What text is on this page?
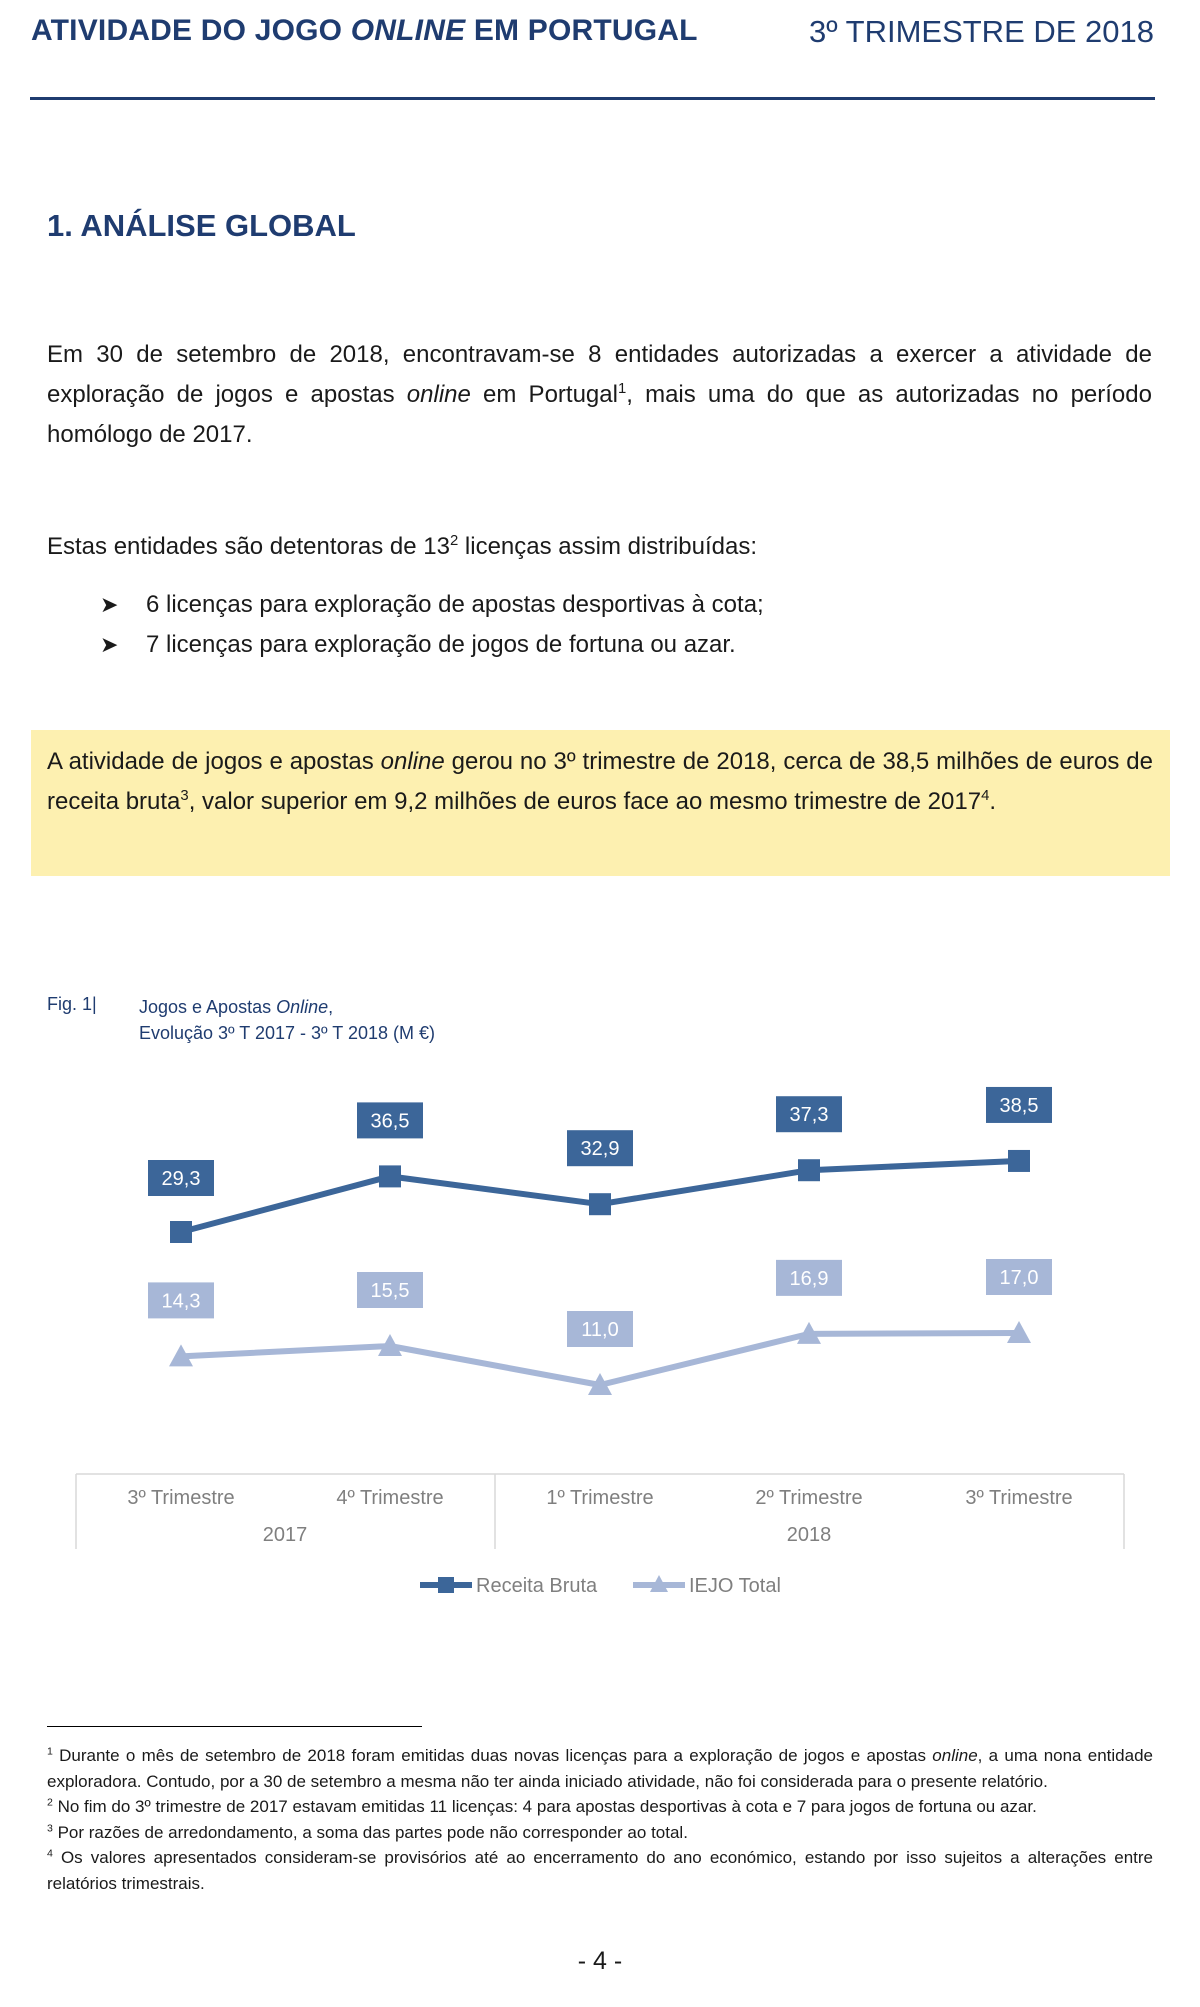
ATIVIDADE DO JOGO ONLINE EM PORTUGAL	3º TRIMESTRE DE 2018
1. ANÁLISE GLOBAL
Em 30 de setembro de 2018, encontravam-se 8 entidades autorizadas a exercer a atividade de exploração de jogos e apostas online em Portugal$^1$, mais uma do que as autorizadas no período homólogo de 2017.
Estas entidades são detentoras de $13^2$ licenças assim distribuídas:
➤ 6 licenças para exploração de apostas desportivas à cota;
➤ 7 licenças para exploração de jogos de fortuna ou azar.
A atividade de jogos e apostas online gerou no 3º trimestre de 2018, cerca de 38,5 milhões de euros de receita bruta$^3$, valor superior em 9,2 milhões de euros face ao mesmo trimestre de 2017$^4$.
Fig. 1| Jogos e Apostas Online,
Evolução 3º T 2017 - 3º T 2018 (M €)
29,3
36,5
32,9
37,3	38,5
14,3	15,5
11,0
16,9	17,0
3º Trimestre	4º Trimestre	1º Trimestre	2º Trimestre	3º Trimestre
2017	2018
Receita Bruta	IEJO Total

$^1$ Durante o mês de setembro de 2018 foram emitidas duas novas licenças para a exploração de jogos e apostas online, a uma nona entidade exploradora. Contudo, por a 30 de setembro a mesma não ter ainda iniciado atividade, não foi considerada para o presente relatório.

$^2$ No fim do 3º trimestre de 2017 estavam emitidas 11 licenças: 4 para apostas desportivas à cota e 7 para jogos de fortuna ou azar.

$^3$ Por razões de arredondamento, a soma das partes pode não corresponder ao total.

$^4$ Os valores apresentados consideram-se provisórios até ao encerramento do ano económico, estando por isso sujeitos a alterações entre relatórios trimestrais.

- 4 -
